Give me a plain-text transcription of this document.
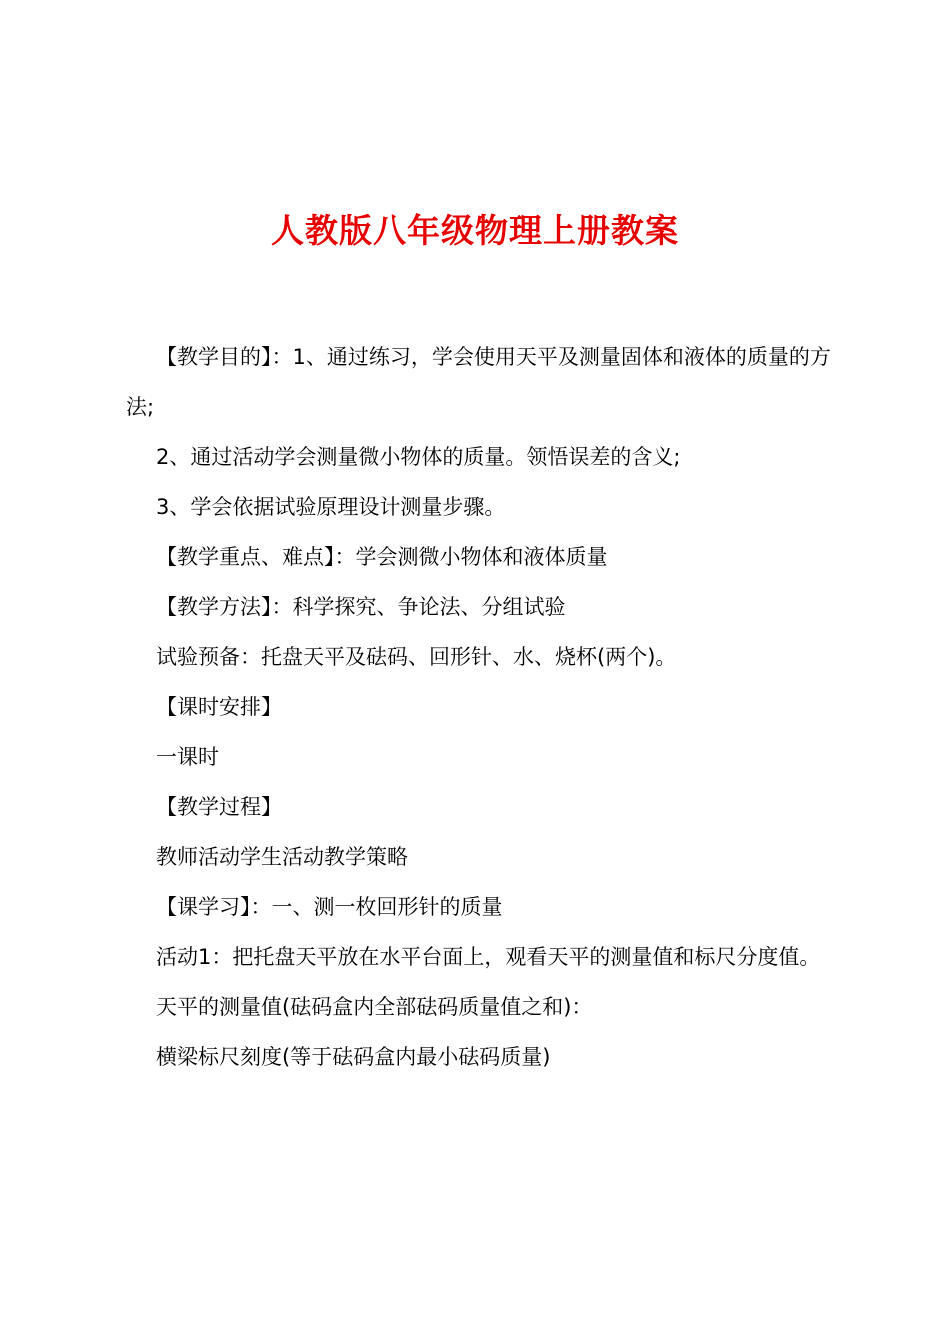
人教版八年级物理上册教案

【教学目的】：1、通过练习，学会使用天平及测量固体和液体的质量的方法;

2、通过活动学会测量微小物体的质量。领悟误差的含义;

3、学会依据试验原理设计测量步骤。

【教学重点、难点】：学会测微小物体和液体质量

【教学方法】：科学探究、争论法、分组试验

试验预备：托盘天平及砝码、回形针、水、烧杯(两个)。

【课时安排】

一课时

【教学过程】

教师活动学生活动教学策略

【课学习】：一、测一枚回形针的质量

活动1：把托盘天平放在水平台面上，观看天平的测量值和标尺分度值。

天平的测量值(砝码盒内全部砝码质量值之和)：

横梁标尺刻度(等于砝码盒内最小砝码质量)
